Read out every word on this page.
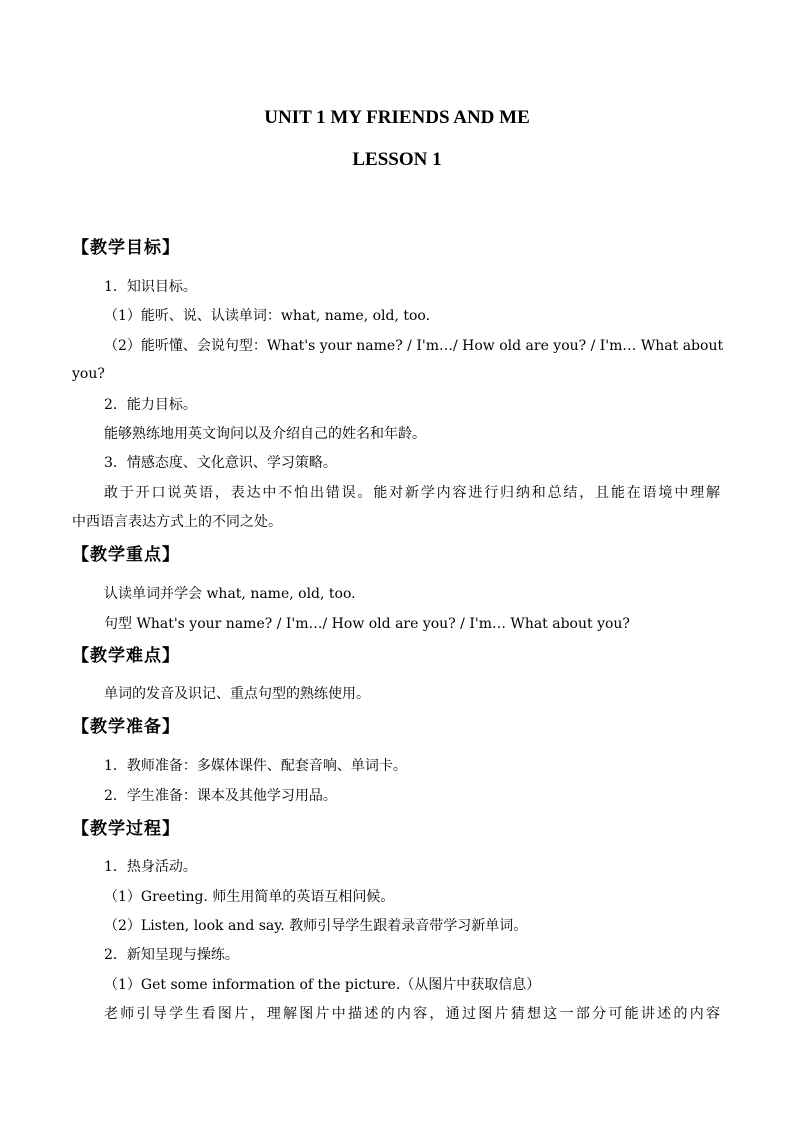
UNIT 1 MY FRIENDS AND ME
LESSON 1
【教学目标】
1．知识目标。
（1）能听、说、认读单词：what, name, old, too.
（2）能听懂、会说句型：What's your name? / I'm…/ How old are you? / I'm… What about
you?
2．能力目标。
能够熟练地用英文询问以及介绍自己的姓名和年龄。
3．情感态度、文化意识、学习策略。
敢于开口说英语，表达中不怕出错误。能对新学内容进行归纳和总结，且能在语境中理解
中西语言表达方式上的不同之处。
【教学重点】
认读单词并学会 what, name, old, too.
句型 What's your name? / I'm…/ How old are you? / I'm… What about you?
【教学难点】
单词的发音及识记、重点句型的熟练使用。
【教学准备】
1．教师准备：多媒体课件、配套音响、单词卡。
2．学生准备：课本及其他学习用品。
【教学过程】
1．热身活动。
（1）Greeting. 师生用简单的英语互相问候。
（2）Listen, look and say. 教师引导学生跟着录音带学习新单词。
2．新知呈现与操练。
（1）Get some information of the picture.（从图片中获取信息）
老师引导学生看图片，理解图片中描述的内容，通过图片猜想这一部分可能讲述的内容
